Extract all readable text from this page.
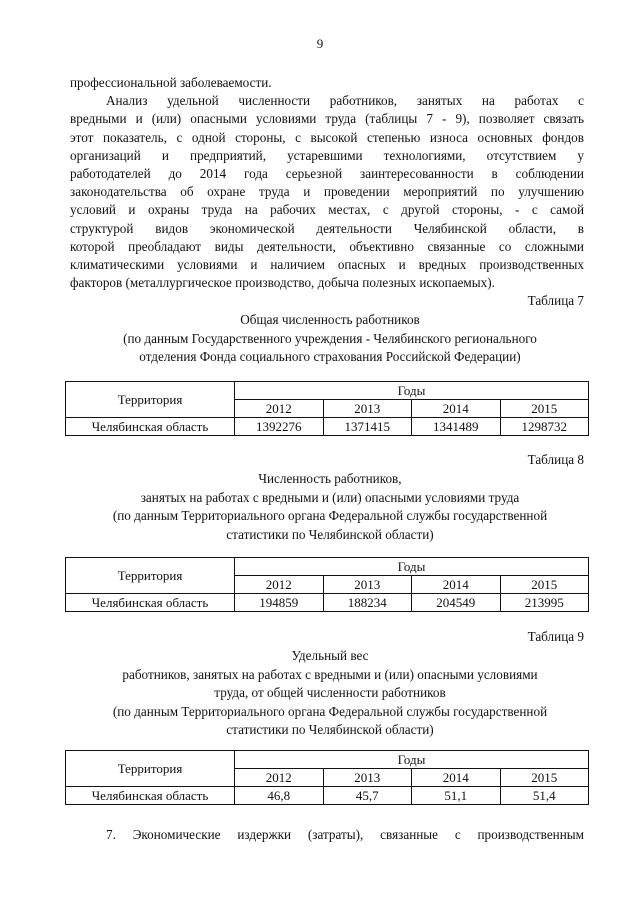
9
профессиональной заболеваемости.
Анализ удельной численности работников, занятых на работах с
вредными и (или) опасными условиями труда (таблицы 7 - 9), позволяет связать
этот показатель, с одной стороны, с высокой степенью износа основных фондов
организаций и предприятий, устаревшими технологиями, отсутствием у
работодателей до 2014 года серьезной заинтересованности в соблюдении
законодательства об охране труда и проведении мероприятий по улучшению
условий и охраны труда на рабочих местах, с другой стороны, - с самой
структурой видов экономической деятельности Челябинской области, в
которой преобладают виды деятельности, объективно связанные со сложными
климатическими условиями и наличием опасных и вредных производственных
факторов (металлургическое производство, добыча полезных ископаемых).
Таблица 7
Общая численность работников
(по данным Государственного учреждения - Челябинского регионального
отделения Фонда социального страхования Российской Федерации)
Территория	Годы			
	2012	2013	2014	2015
Челябинская область	1392276	1371415	1341489	1298732
Таблица 8
Численность работников,
занятых на работах с вредными и (или) опасными условиями труда
(по данным Территориального органа Федеральной службы государственной
статистики по Челябинской области)
Территория	Годы			
	2012	2013	2014	2015
Челябинская область	194859	188234	204549	213995
Таблица 9
Удельный вес
работников, занятых на работах с вредными и (или) опасными условиями
труда, от общей численности работников
(по данным Территориального органа Федеральной службы государственной
статистики по Челябинской области)
Территория	Годы			
	2012	2013	2014	2015
Челябинская область	46,8	45,7	51,1	51,4
7. Экономические издержки (затраты), связанные с производственным
